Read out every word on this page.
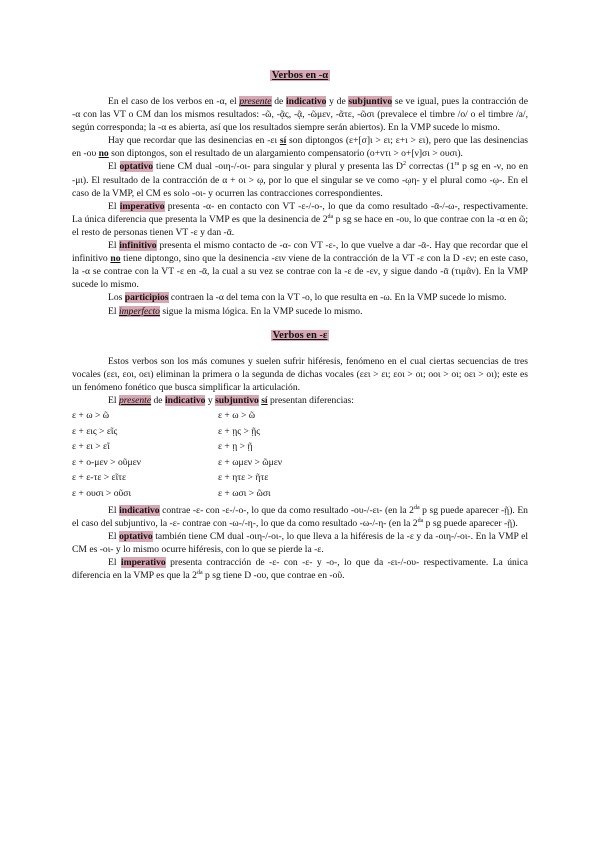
Verbos en -α

En el caso de los verbos en -α, el presente de indicativo y de subjuntivo se ve igual, pues la contracción de -α con las VT o CM dan los mismos resultados: -ῶ, -ᾷς, -ᾷ, -ῶμεν, -ᾶτε, -ῶσι (prevalece el timbre /o/ o el timbre /a/, según corresponda; la -α es abierta, así que los resultados siempre serán abiertos). En la VMP sucede lo mismo.

Hay que recordar que las desinencias en -ει sí son diptongos (ε+[σ]ι > ει; ε+ι > ει), pero que las desinencias en -ου no son diptongos, son el resultado de un alargamiento compensatorio (ο+ντι > ο+[ν]σι > ουσι).

El optativo tiene CM dual -οιη-/-οι- para singular y plural y presenta las $D^2$ correctas ($1^{ra}$ p sg en -ν, no en -μι). El resultado de la contracción de α + οι > ῳ, por lo que el singular se ve como -ῳη- y el plural como -ῳ-. En el caso de la VMP, el CM es solo -οι- y ocurren las contracciones correspondientes.

El imperativo presenta -α- en contacto con VT -ε-/-ο-, lo que da como resultado -ᾱ-/-ω-, respectivamente. La única diferencia que presenta la VMP es que la desinencia de $2^{da}$ p sg se hace en -ου, lo que contrae con la -α en ῶ; el resto de personas tienen VT -ε y dan -ᾱ.

El infinitivo presenta el mismo contacto de -α- con VT -ε-, lo que vuelve a dar -ᾱ-. Hay que recordar que el infinitivo no tiene diptongo, sino que la desinencia -ειν viene de la contracción de la VT -ε con la D -εν; en este caso, la -α se contrae con la VT -ε en -ᾱ, la cual a su vez se contrae con la -ε de -εν, y sigue dando -ᾱ (τιμᾶν). En la VMP sucede lo mismo.

Los participios contraen la -α del tema con la VT -ο, lo que resulta en -ω. En la VMP sucede lo mismo.

El imperfecto sigue la misma lógica. En la VMP sucede lo mismo.

Verbos en -ε

Estos verbos son los más comunes y suelen sufrir hiféresis, fenómeno en el cual ciertas secuencias de tres vocales (εει, εοι, οει) eliminan la primera o la segunda de dichas vocales (εει > ει; εοι > οι; οοι > οι; οει > οι); este es un fenómeno fonético que busca simplificar la articulación.

El presente de indicativo y subjuntivo sí presentan diferencias:

ε + ω > ῶ	ε + ω > ῶ
ε + εις > εῖς	ε + ῃς > ῇς
ε + ει > εῖ	ε + ῃ > ῇ
ε + ο-μεν > οῦμεν	ε + ωμεν > ῶμεν
ε + ε-τε > εῖτε	ε + ητε > ῆτε
ε + ουσι > οῦσι	ε + ωσι > ῶσι

El indicativo contrae -ε- con -ε-/-ο-, lo que da como resultado -ου-/-ει- (en la $2^{da}$ p sg puede aparecer -ῇ). En el caso del subjuntivo, la -ε- contrae con -ω-/-η-, lo que da como resultado -ω-/-η- (en la $2^{da}$ p sg puede aparecer -ῇ).

El optativo también tiene CM dual -οιη-/-οι-, lo que lleva a la hiféresis de la -ε y da -οιη-/-οι-. En la VMP el CM es -οι- y lo mismo ocurre hiféresis, con lo que se pierde la -ε.

El imperativo presenta contracción de -ε- con -ε- y -ο-, lo que da -ει-/-ου- respectivamente. La única diferencia en la VMP es que la $2^{da}$ p sg tiene D -ου, que contrae en -οῦ.
